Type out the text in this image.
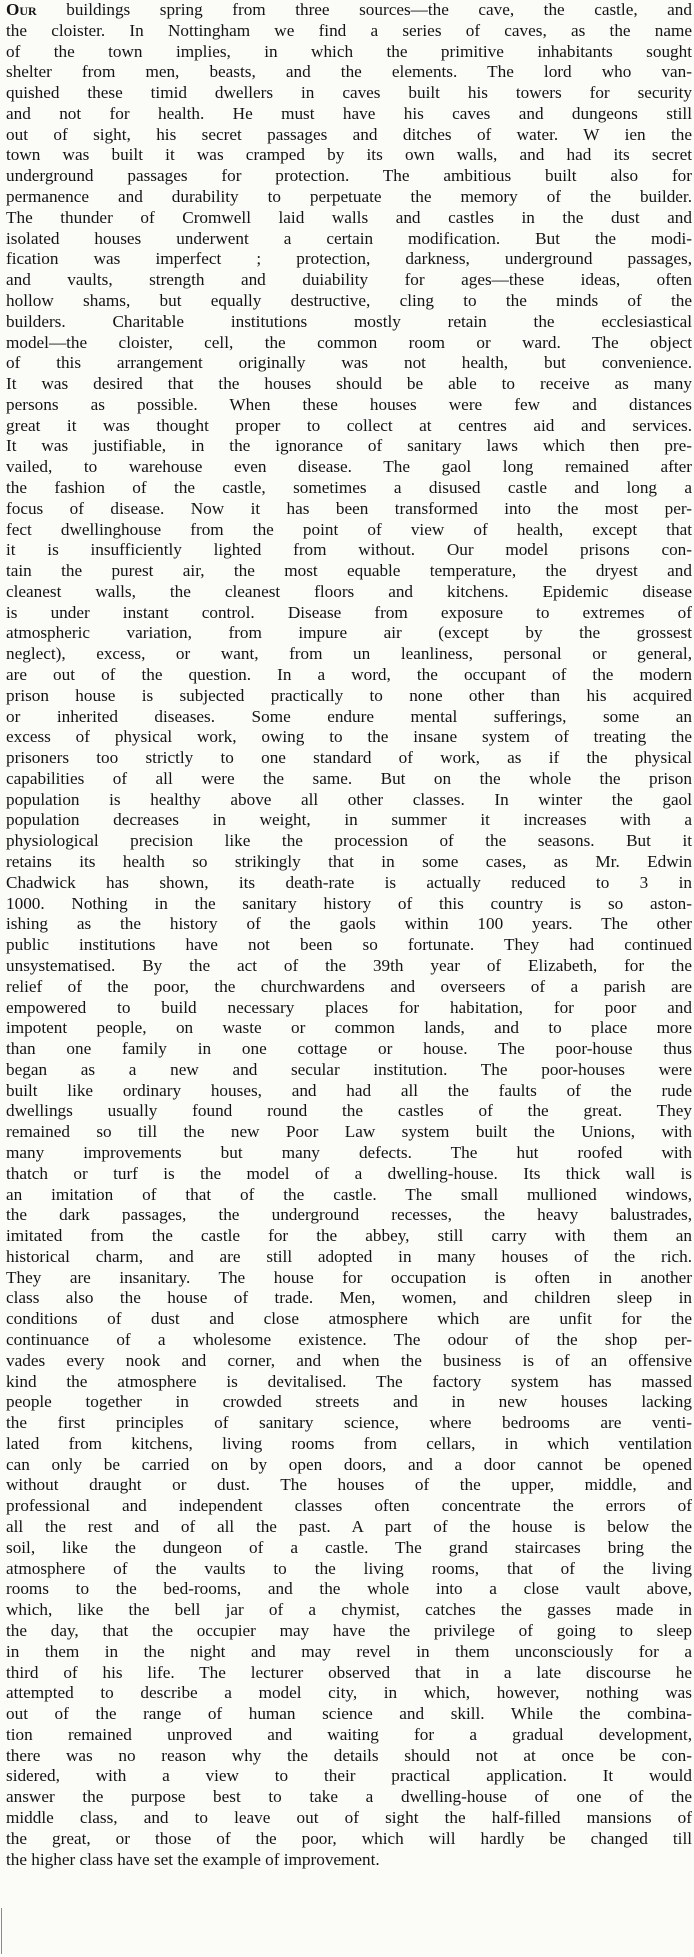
Our buildings spring from three sources—the cave, the castle, and
the cloister. In Nottingham we find a series of caves, as the name
of the town implies, in which the primitive inhabitants sought
shelter from men, beasts, and the elements. The lord who van-
quished these timid dwellers in caves built his towers for security
and not for health. He must have his caves and dungeons still
out of sight, his secret passages and ditches of water. W ien the
town was built it was cramped by its own walls, and had its secret
underground passages for protection. The ambitious built also for
permanence and durability to perpetuate the memory of the builder.
The thunder of Cromwell laid walls and castles in the dust and
isolated houses underwent a certain modification. But the modi-
fication was imperfect ; protection, darkness, underground passages,
and vaults, strength and duiability for ages—these ideas, often
hollow shams, but equally destructive, cling to the minds of the
builders. Charitable institutions mostly retain the ecclesiastical
model—the cloister, cell, the common room or ward. The object
of this arrangement originally was not health, but convenience.
It was desired that the houses should be able to receive as many
persons as possible. When these houses were few and distances
great it was thought proper to collect at centres aid and services.
It was justifiable, in the ignorance of sanitary laws which then pre-
vailed, to warehouse even disease. The gaol long remained after
the fashion of the castle, sometimes a disused castle and long a
focus of disease. Now it has been transformed into the most per-
fect dwellinghouse from the point of view of health, except that
it is insufficiently lighted from without. Our model prisons con-
tain the purest air, the most equable temperature, the dryest and
cleanest walls, the cleanest floors and kitchens. Epidemic disease
is under instant control. Disease from exposure to extremes of
atmospheric variation, from impure air (except by the grossest
neglect), excess, or want, from un leanliness, personal or general,
are out of the question. In a word, the occupant of the modern
prison house is subjected practically to none other than his acquired
or inherited diseases. Some endure mental sufferings, some an
excess of physical work, owing to the insane system of treating the
prisoners too strictly to one standard of work, as if the physical
capabilities of all were the same. But on the whole the prison
population is healthy above all other classes. In winter the gaol
population decreases in weight, in summer it increases with a
physiological precision like the procession of the seasons. But it
retains its health so strikingly that in some cases, as Mr. Edwin
Chadwick has shown, its death-rate is actually reduced to 3 in
1000. Nothing in the sanitary history of this country is so aston-
ishing as the history of the gaols within 100 years. The other
public institutions have not been so fortunate. They had continued
unsystematised. By the act of the 39th year of Elizabeth, for the
relief of the poor, the churchwardens and overseers of a parish are
empowered to build necessary places for habitation, for poor and
impotent people, on waste or common lands, and to place more
than one family in one cottage or house. The poor-house thus
began as a new and secular institution. The poor-houses were
built like ordinary houses, and had all the faults of the rude
dwellings usually found round the castles of the great. They
remained so till the new Poor Law system built the Unions, with
many improvements but many defects. The hut roofed with
thatch or turf is the model of a dwelling-house. Its thick wall is
an imitation of that of the castle. The small mullioned windows,
the dark passages, the underground recesses, the heavy balustrades,
imitated from the castle for the abbey, still carry with them an
historical charm, and are still adopted in many houses of the rich.
They are insanitary. The house for occupation is often in another
class also the house of trade. Men, women, and children sleep in
conditions of dust and close atmosphere which are unfit for the
continuance of a wholesome existence. The odour of the shop per-
vades every nook and corner, and when the business is of an offensive
kind the atmosphere is devitalised. The factory system has massed
people together in crowded streets and in new houses lacking
the first principles of sanitary science, where bedrooms are venti-
lated from kitchens, living rooms from cellars, in which ventilation
can only be carried on by open doors, and a door cannot be opened
without draught or dust. The houses of the upper, middle, and
professional and independent classes often concentrate the errors of
all the rest and of all the past. A part of the house is below the
soil, like the dungeon of a castle. The grand staircases bring the
atmosphere of the vaults to the living rooms, that of the living
rooms to the bed-rooms, and the whole into a close vault above,
which, like the bell jar of a chymist, catches the gasses made in
the day, that the occupier may have the privilege of going to sleep
in them in the night and may revel in them unconsciously for a
third of his life. The lecturer observed that in a late discourse he
attempted to describe a model city, in which, however, nothing was
out of the range of human science and skill. While the combina-
tion remained unproved and waiting for a gradual development,
there was no reason why the details should not at once be con-
sidered, with a view to their practical application. It would
answer the purpose best to take a dwelling-house of one of the
middle class, and to leave out of sight the half-filled mansions of
the great, or those of the poor, which will hardly be changed till
the higher class have set the example of improvement.
